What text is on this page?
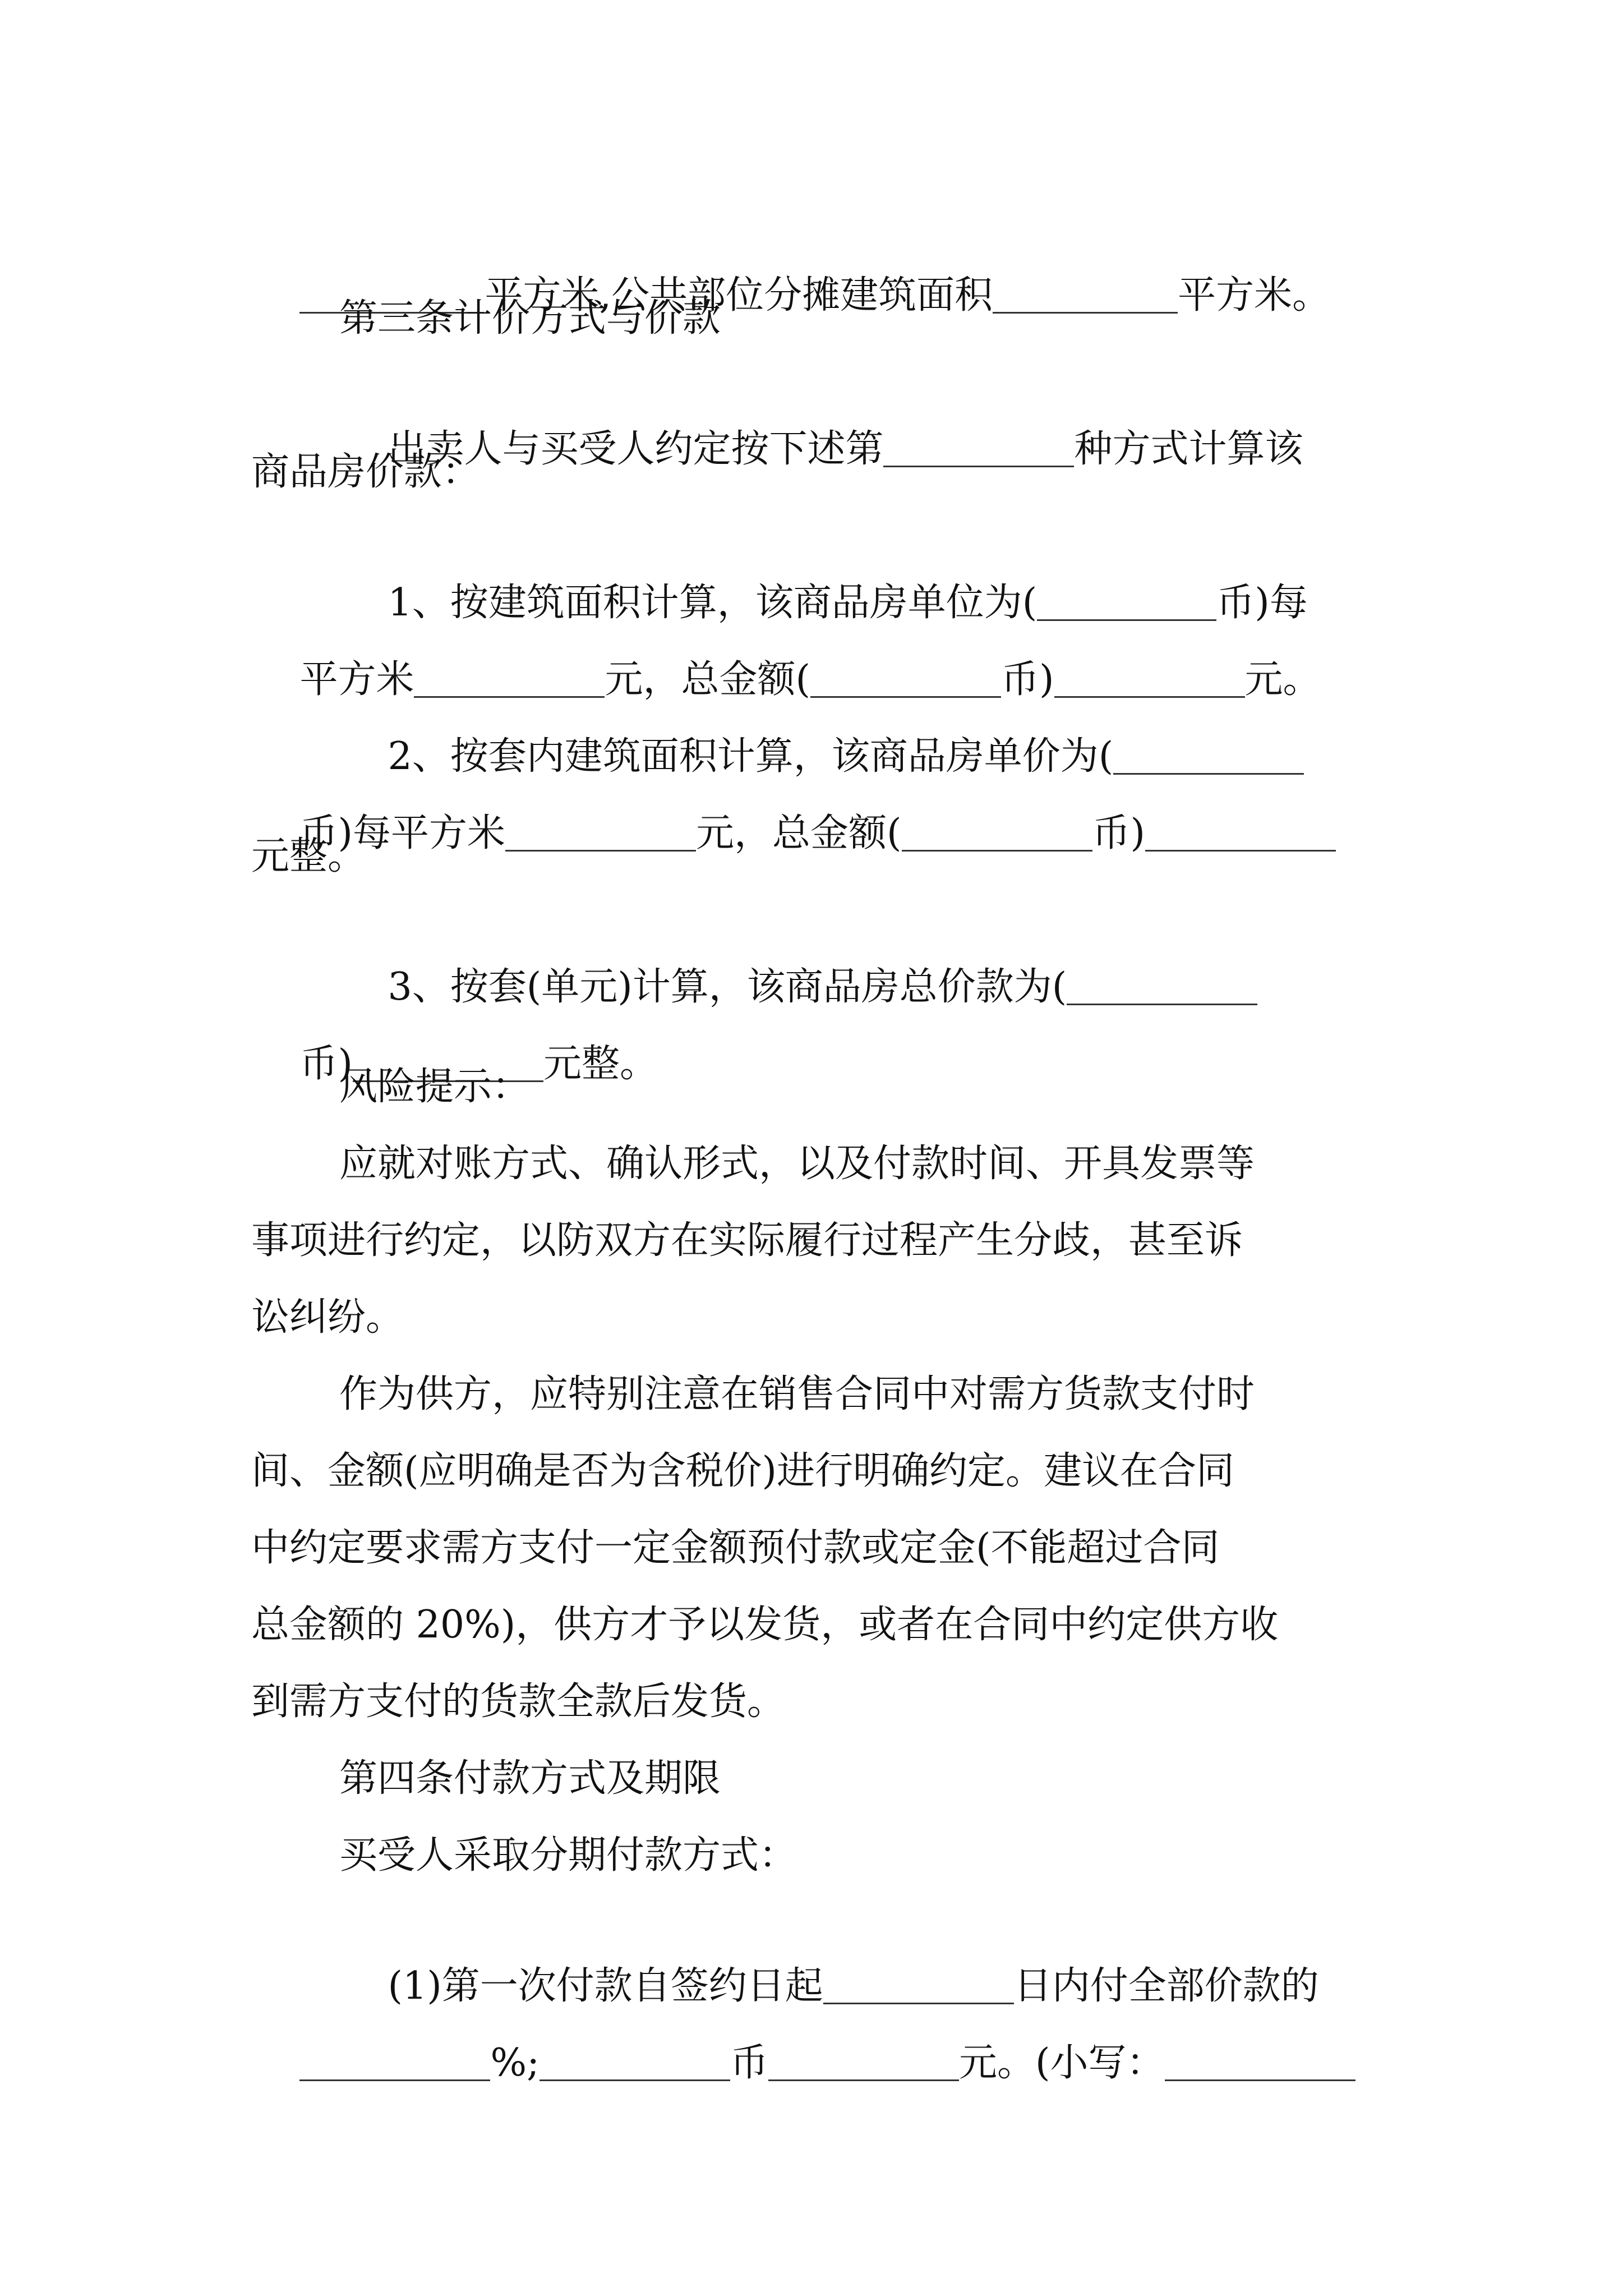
平方米,公共部位分摊建筑面积	平方米。

第三条计价方式与价款

出卖人与买受人约定按下述第	种方式计算该

商品房价款：

1、按建筑面积计算，该商品房单位为(	币)每

平方米	元，总金额(	币)	元。

2、按套内建筑面积计算，该商品房单价为(

币)每平方米	元，总金额(	币)

元整。

3、按套(单元)计算，该商品房总价款为(

币)	元整。

风险提示：
应就对账方式、确认形式，以及付款时间、开具发票等
事项进行约定，以防双方在实际履行过程产生分歧，甚至诉
讼纠纷。
作为供方，应特别注意在销售合同中对需方货款支付时
间、金额(应明确是否为含税价)进行明确约定。建议在合同
中约定要求需方支付一定金额预付款或定金(不能超过合同
总金额的 20%)，供方才予以发货，或者在合同中约定供方收
到需方支付的货款全款后发货。
第四条付款方式及期限
买受人采取分期付款方式：

(1)第一次付款自签约日起	日内付全部价款的

%;	币	元。(小写：
